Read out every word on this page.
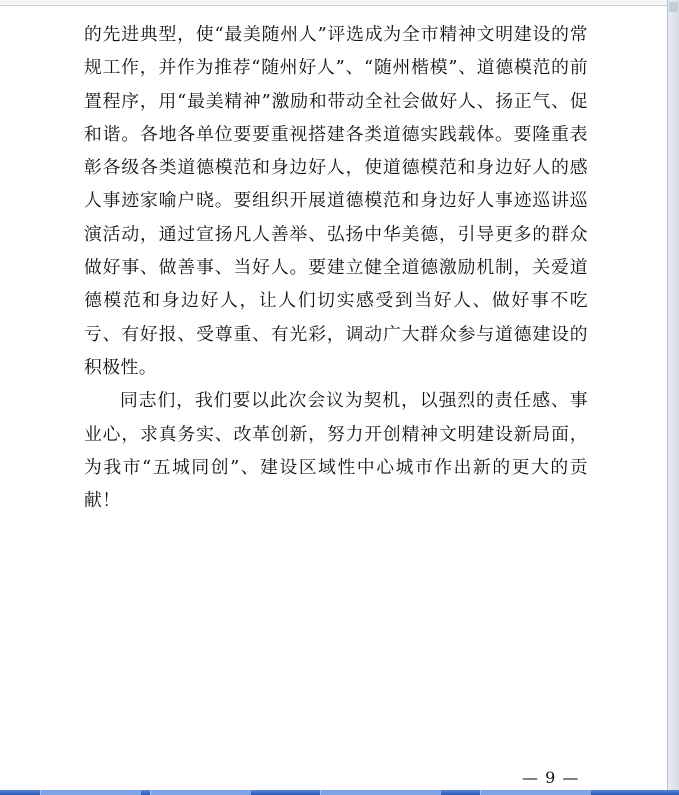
的先进典型，使“最美随州人”评选成为全市精神文明建设的常规工作，并作为推荐“随州好人”、“随州楷模”、道德模范的前置程序，用“最美精神”激励和带动全社会做好人、扬正气、促和谐。各地各单位要要重视搭建各类道德实践载体。要隆重表彰各级各类道德模范和身边好人，使道德模范和身边好人的感人事迹家喻户晓。要组织开展道德模范和身边好人事迹巡讲巡演活动，通过宣扬凡人善举、弘扬中华美德，引导更多的群众做好事、做善事、当好人。要建立健全道德激励机制，关爱道德模范和身边好人，让人们切实感受到当好人、做好事不吃亏、有好报、受尊重、有光彩，调动广大群众参与道德建设的积极性。

同志们，我们要以此次会议为契机，以强烈的责任感、事业心，求真务实、改革创新，努力开创精神文明建设新局面，为我市“五城同创”、建设区域性中心城市作出新的更大的贡献！

— 9 —
